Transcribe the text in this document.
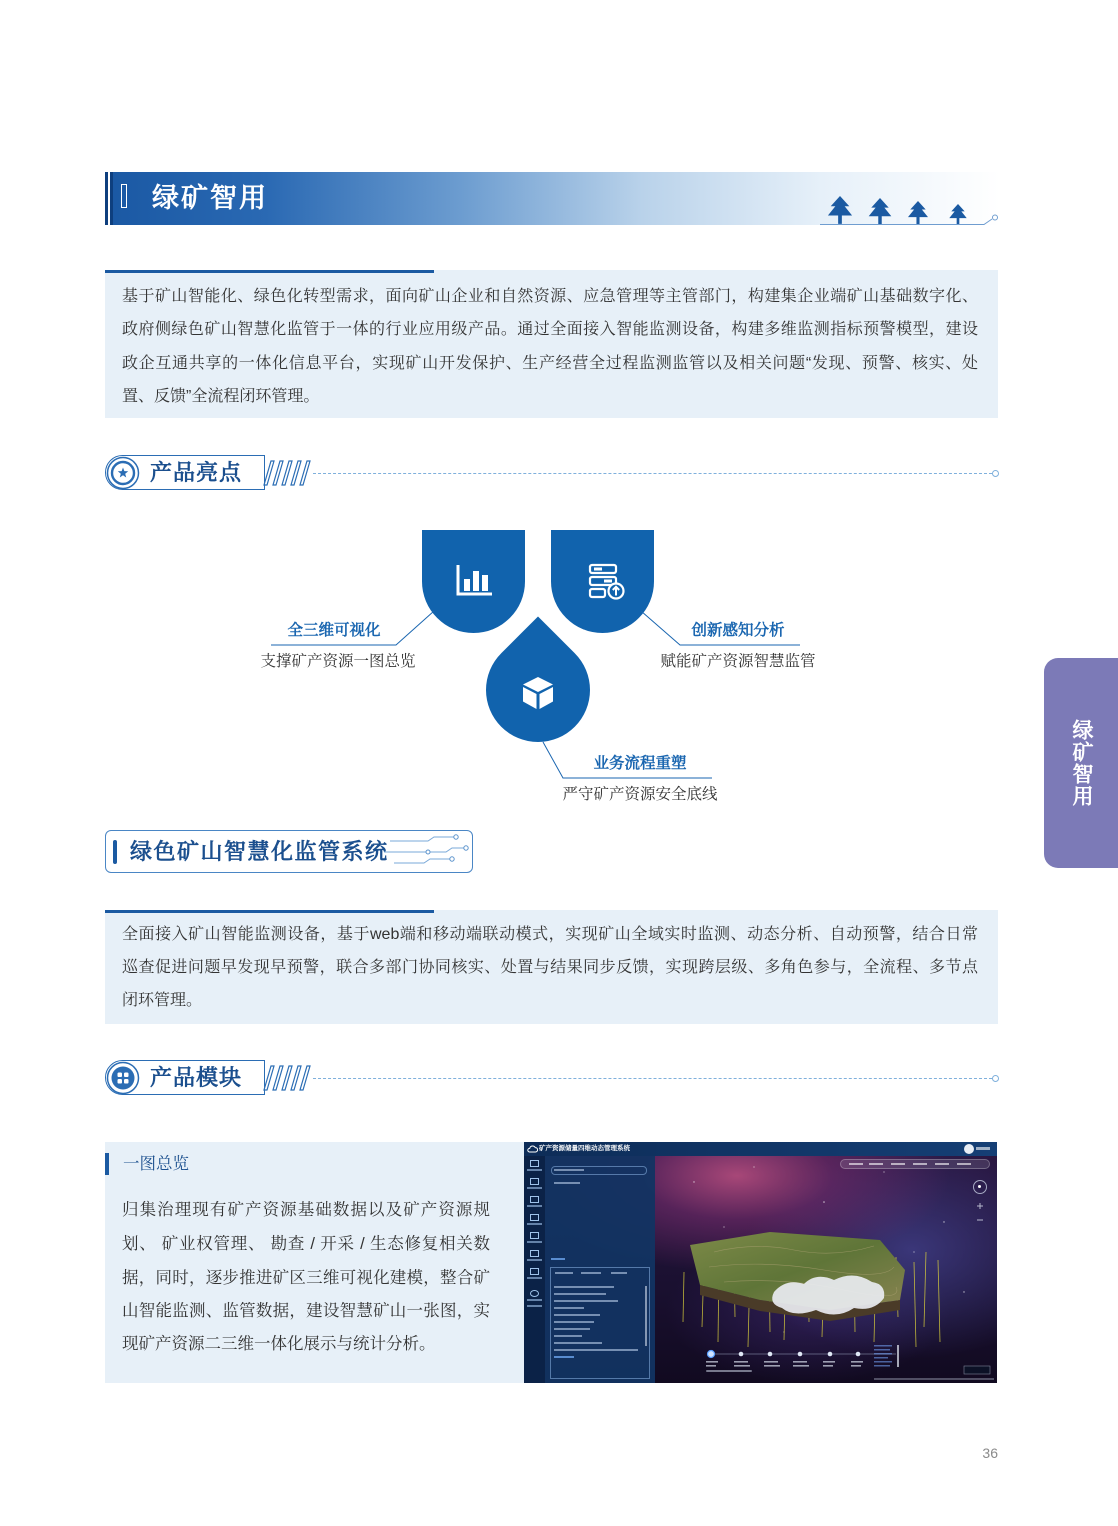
绿矿智用
基于矿山智能化、绿色化转型需求，面向矿山企业和自然资源、应急管理等主管部门，构建集企业端矿山基础数字化、
政府侧绿色矿山智慧化监管于一体的行业应用级产品。通过全面接入智能监测设备，构建多维监测指标预警模型，建设
政企互通共享的一体化信息平台，实现矿山开发保护、生产经营全过程监测监管以及相关问题“发现、预警、核实、处
置、反馈”全流程闭环管理。
产品亮点
全三维可视化
支撑矿产资源一图总览
创新感知分析
赋能矿产资源智慧监管
业务流程重塑
严守矿产资源安全底线
绿色矿山智慧化监管系统
全面接入矿山智能监测设备，基于web端和移动端联动模式，实现矿山全域实时监测、动态分析、自动预警，结合日常
巡查促进问题早发现早预警，联合多部门协同核实、处置与结果同步反馈，实现跨层级、多角色参与，全流程、多节点
闭环管理。
产品模块
一图总览
归集治理现有矿产资源基础数据以及矿产资源规
划、 矿业权管理、 勘查 / 开采 / 生态修复相关数
据，同时，逐步推进矿区三维可视化建模，整合矿
山智能监测、监管数据，建设智慧矿山一张图，实
现矿产资源二三维一体化展示与统计分析。
矿产资源储量四维动态管理系统
绿矿智用
36
